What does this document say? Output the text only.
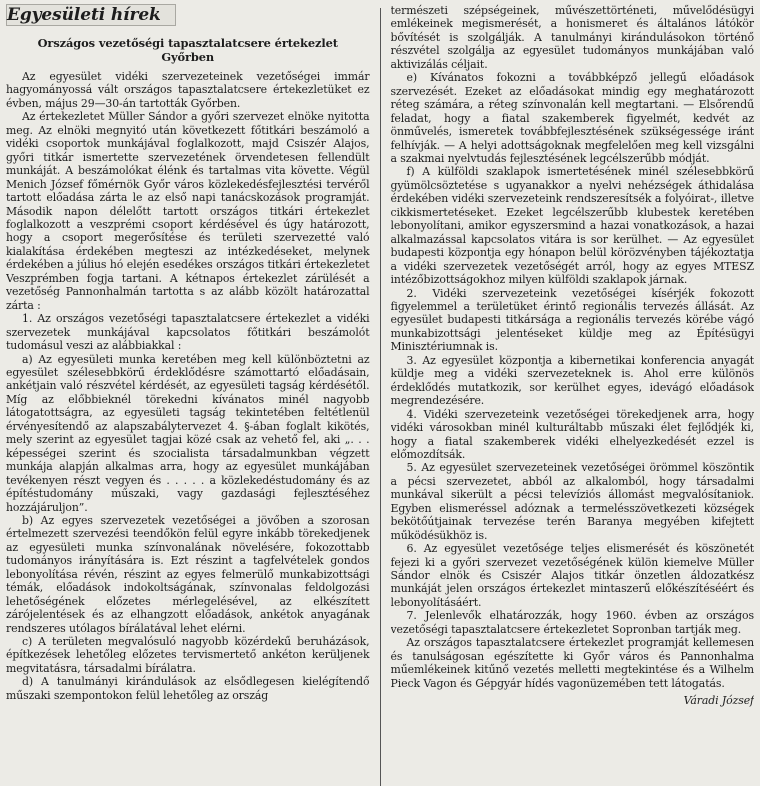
Egyesületi hírek
Országos vezetőségi tapasztalatcsere értekezlet
Győrben

Az egyesület vidéki szervezeteinek vezetőségei immár hagyományossá vált országos tapasztalatcsere értekezletüket ez évben, május 29—30-án tartották Győrben.

Az értekezletet Müller Sándor a győri szervezet elnöke nyitotta meg. Az elnöki megnyitó után következett főtitkári beszámoló a vidéki csoportok munkájával foglalkozott, majd Csiszér Alajos, győri titkár ismertette szervezetének örvendetesen fellendült munkáját. A beszámolókat élénk és tartalmas vita követte. Végül Menich József főmérnök Győr város közlekedésfejlesztési tervéről tartott előadása zárta le az első napi tanácskozások programját. Második napon délelőtt tartott országos titkári értekezlet foglalkozott a veszprémi csoport kérdésével és úgy határozott, hogy a csoport megerősítése és területi szervezetté való kialakítása érdekében megteszi az intézkedéseket, melynek érdekében a július hó elején esedékes országos titkári értekezletet Veszprémben fogja tartani. A kétnapos értekezlet zárülését a vezetőség Pannonhalmán tartotta s az alább közölt határozattal zárta :

1. Az országos vezetőségi tapasztalatcsere értekezlet a vidéki szervezetek munkájával kapcsolatos főtitkári beszámolót tudomásul veszi az alábbiakkal :

a) Az egyesületi munka keretében meg kell különböztetni az egyesület szélesebbkörű érdeklődésre számottartó előadásain, ankétjain való részvétel kérdését, az egyesületi tagság kérdésétől. Míg az előbbieknél törekedni kívánatos minél nagyobb látogatottságra, az egyesületi tagság tekintetében feltétlenül érvényesítendő az alapszabálytervezet 4. §-ában foglalt kikötés, mely szerint az egyesület tagjai közé csak az vehető fel, aki „. . . képességei szerint és szocialista társadalmunkban végzett munkája alapján alkalmas arra, hogy az egyesület munkájában tevékenyen részt vegyen és . . . . . a közlekedéstudomány és az építéstudomány műszaki, vagy gazdasági fejlesztéséhez hozzájáruljon”.

b) Az egyes szervezetek vezetőségei a jövőben a szorosan értelmezett szervezési teendőkön felül egyre inkább törekedjenek az egyesületi munka színvonalának növelésére, fokozottabb tudományos irányítására is. Ezt részint a tagfelvételek gondos lebonyolítása révén, részint az egyes felmerülő munkabizottsági témák, előadások indokoltságának, színvonalas feldolgozási lehetőségének előzetes mérlegelésével, az elkészített zárójelentések és az elhangzott előadások, ankétok anyagának rendszeres utólagos bírálatával lehet elérni.

c) A területen megvalósuló nagyobb közérdekű beruházások, építkezések lehetőleg előzetes tervismertető ankéton kerüljenek megvitatásra, társadalmi bírálatra.

d) A tanulmányi kirándulások az elsődlegesen kielégítendő műszaki szempontokon felül lehetőleg az ország

természeti szépségeinek, művészettörténeti, művelődésügyi emlékeinek megismerését, a honismeret és általános látókör bővítését is szolgálják. A tanulmányi kirándulásokon történő részvétel szolgálja az egyesület tudományos munkájában való aktivizálás céljait.

e) Kívánatos fokozni a továbbképző jellegű előadások szervezését. Ezeket az előadásokat mindig egy meghatározott réteg számára, a réteg színvonalán kell megtartani. — Elsőrendű feladat, hogy a fiatal szakemberek figyelmét, kedvét az önművelés, ismeretek továbbfejlesztésének szükségessége iránt felhívják. — A helyi adottságoknak megfelelően meg kell vizsgálni a szakmai nyelvtudás fejlesztésének legcélszerűbb módját.

f) A külföldi szaklapok ismertetésének minél szélesebbkörű gyümölcsöztetése s ugyanakkor a nyelvi nehézségek áthidalása érdekében vidéki szervezeteink rendszeresítsék a folyóirat-, illetve cikkismertetéseket. Ezeket legcélszerűbb klubestek keretében lebonyolítani, amikor egyszersmind a hazai vonatkozások, a hazai alkalmazással kapcsolatos vitára is sor kerülhet. — Az egyesület budapesti központja egy hónapon belül körözvényben tájékoztatja a vidéki szervezetek vezetőségét arról, hogy az egyes MTESZ intézőbizottságokhoz milyen külföldi szaklapok járnak.

2. Vidéki szervezeteink vezetőségei kísérjék fokozott figyelemmel a területüket érintő regionális tervezés állását. Az egyesület budapesti titkársága a regionális tervezés körébe vágó munkabizottsági jelentéseket küldje meg az Építésügyi Minisztériumnak is.

3. Az egyesület központja a kibernetikai konferencia anyagát küldje meg a vidéki szervezeteknek is. Ahol erre különös érdeklődés mutatkozik, sor kerülhet egyes, idevágó előadások megrendezésére.

4. Vidéki szervezeteink vezetőségei törekedjenek arra, hogy vidéki városokban minél kulturáltabb műszaki élet fejlődjék ki, hogy a fiatal szakemberek vidéki elhelyezkedését ezzel is előmozdítsák.

5. Az egyesület szervezeteinek vezetőségei örömmel köszöntik a pécsi szervezetet, abból az alkalomból, hogy társadalmi munkával sikerült a pécsi televíziós állomást megvalósítaniok. Egyben elismeréssel adóznak a termelésszövetkezeti községek bekötőútjainak tervezése terén Baranya megyében kifejtett működésükhöz is.

6. Az egyesület vezetősége teljes elismerését és köszönetét fejezi ki a győri szervezet vezetőségének külön kiemelve Müller Sándor elnök és Csiszér Alajos titkár önzetlen áldozatkész munkáját jelen országos értekezlet mintaszerű előkészítéséért és lebonyolításáért.

7. Jelenlevők elhatározzák, hogy 1960. évben az országos vezetőségi tapasztalatcsere értekezletet Sopronban tartják meg.

Az országos tapasztalatcsere értekezlet programját kellemesen és tanulságosan egészítette ki Győr város és Pannonhalma műemlékeinek kitűnő vezetés melletti megtekintése és a Wilhelm Pieck Vagon és Gépgyár hídés vagonüzemében tett látogatás.

Váradi József
